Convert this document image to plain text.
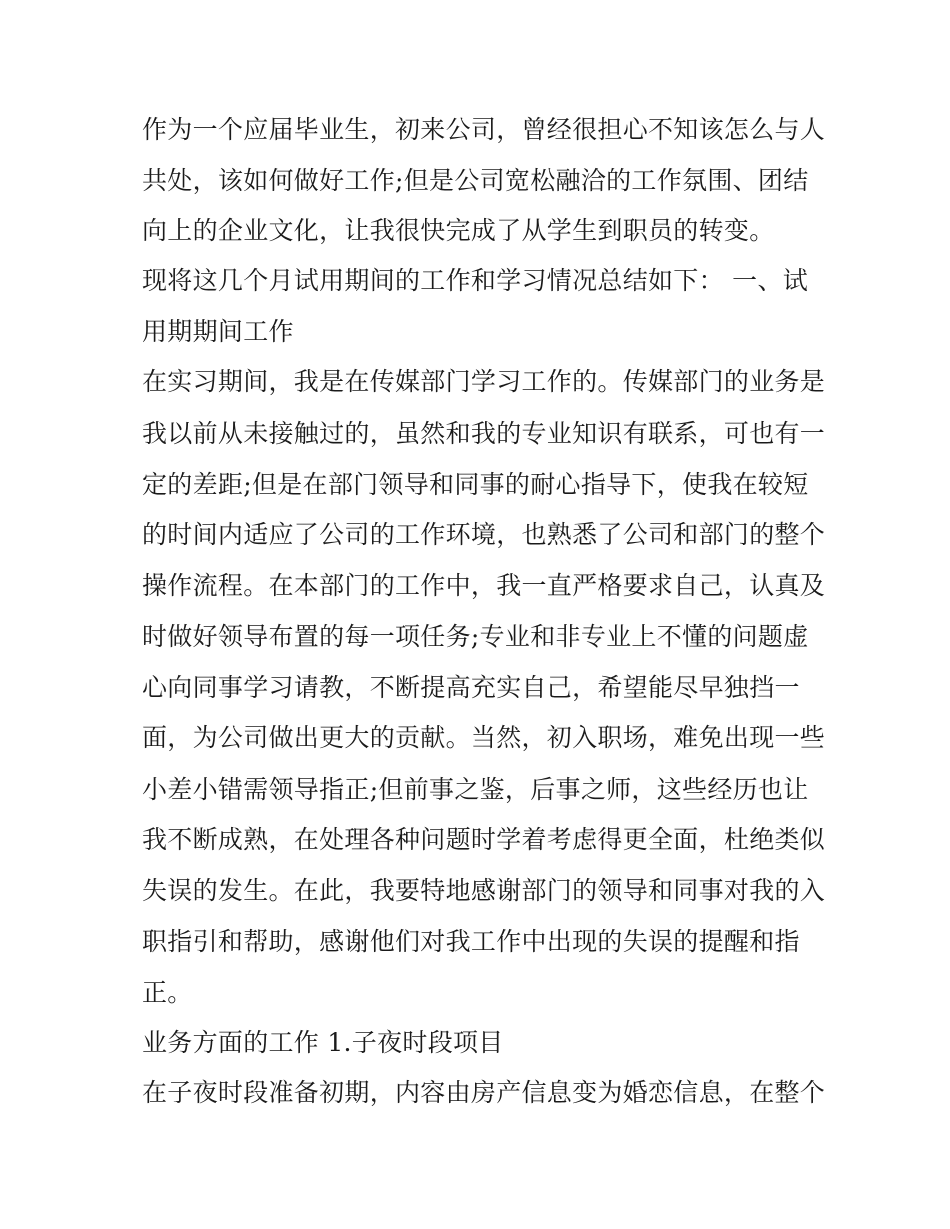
作为一个应届毕业生，初来公司，曾经很担心不知该怎么与人

共处，该如何做好工作;但是公司宽松融洽的工作氛围、团结

向上的企业文化，让我很快完成了从学生到职员的转变。

现将这几个月试用期间的工作和学习情况总结如下： 一、试

用期期间工作

在实习期间，我是在传媒部门学习工作的。传媒部门的业务是

我以前从未接触过的，虽然和我的专业知识有联系，可也有一

定的差距;但是在部门领导和同事的耐心指导下，使我在较短

的时间内适应了公司的工作环境，也熟悉了公司和部门的整个

操作流程。在本部门的工作中，我一直严格要求自己，认真及

时做好领导布置的每一项任务;专业和非专业上不懂的问题虚

心向同事学习请教，不断提高充实自己，希望能尽早独挡一

面，为公司做出更大的贡献。当然，初入职场，难免出现一些

小差小错需领导指正;但前事之鉴，后事之师，这些经历也让

我不断成熟，在处理各种问题时学着考虑得更全面，杜绝类似

失误的发生。在此，我要特地感谢部门的领导和同事对我的入

职指引和帮助，感谢他们对我工作中出现的失误的提醒和指

正。

业务方面的工作 1.子夜时段项目

在子夜时段准备初期，内容由房产信息变为婚恋信息，在整个
